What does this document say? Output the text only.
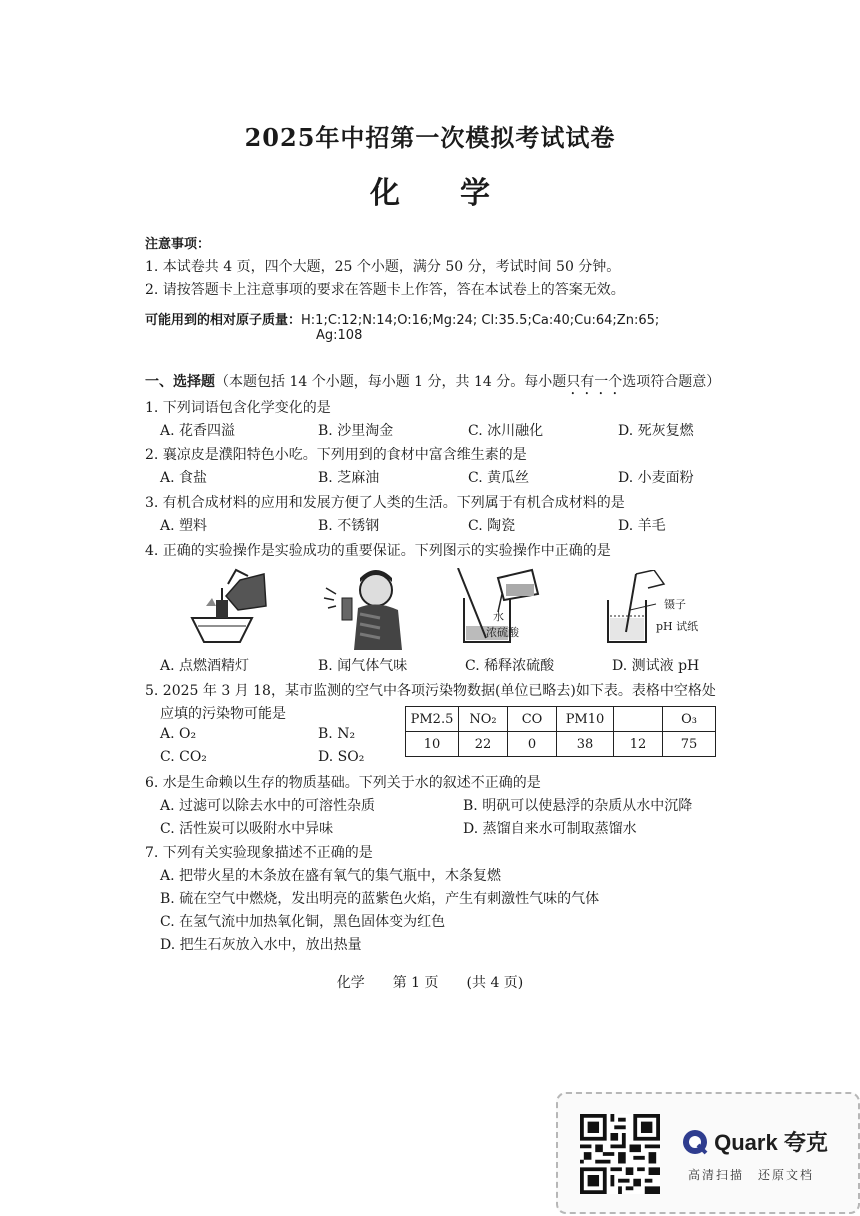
2025年中招第一次模拟考试试卷
化　　学
注意事项：
1. 本试卷共 4 页，四个大题，25 个小题，满分 50 分，考试时间 50 分钟。
2. 请按答题卡上注意事项的要求在答题卡上作答，答在本试卷上的答案无效。
可能用到的相对原子质量：H:1;C:12;N:14;O:16;Mg:24; Cl:35.5;Ca:40;Cu:64;Zn:65;
Ag:108
一、选择题（本题包括 14 个小题，每小题 1 分，共 14 分。每小题只有一个选项符合题意）
1. 下列词语包含化学变化的是
A. 花香四溢	B. 沙里淘金	C. 冰川融化	D. 死灰复燃
2. 襄凉皮是濮阳特色小吃。下列用到的食材中富含维生素的是
A. 食盐	B. 芝麻油	C. 黄瓜丝	D. 小麦面粉
3. 有机合成材料的应用和发展方便了人类的生活。下列属于有机合成材料的是
A. 塑料	B. 不锈钢	C. 陶瓷	D. 羊毛
4. 正确的实验操作是实验成功的重要保证。下列图示的实验操作中正确的是
水
浓硫酸
镊子
pH 试纸
A. 点燃酒精灯	B. 闻气体气味	C. 稀释浓硫酸	D. 测试液 pH
5. 2025 年 3 月 18，某市监测的空气中各项污染物数据(单位已略去)如下表。表格中空格处
应填的污染物可能是
A. O₂	B. N₂
C. CO₂	D. SO₂
PM2.5	NO₂	CO	PM10		O₃
10	22	0	38	12	75
6. 水是生命赖以生存的物质基础。下列关于水的叙述不正确的是
A. 过滤可以除去水中的可溶性杂质	B. 明矾可以使悬浮的杂质从水中沉降
C. 活性炭可以吸附水中异味	D. 蒸馏自来水可制取蒸馏水
7. 下列有关实验现象描述不正确的是
A. 把带火星的木条放在盛有氧气的集气瓶中，木条复燃
B. 硫在空气中燃烧，发出明亮的蓝紫色火焰，产生有刺激性气味的气体
C. 在氢气流中加热氧化铜，黑色固体变为红色
D. 把生石灰放入水中，放出热量
化学　　第 1 页　　(共 4 页)
Quark 夸克
高清扫描　还原文档
